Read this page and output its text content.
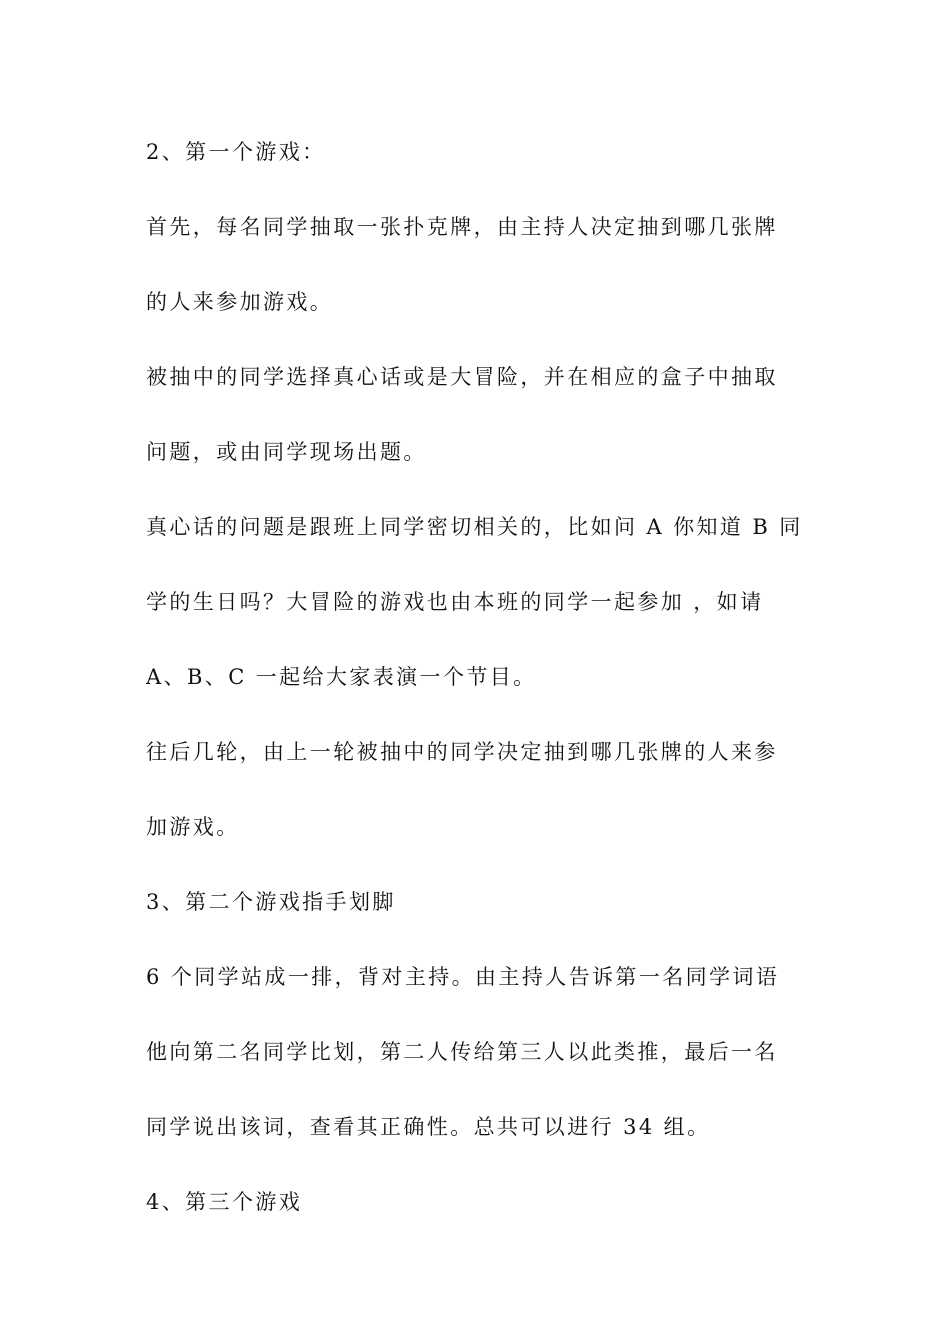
2、第一个游戏：
首先，每名同学抽取一张扑克牌，由主持人决定抽到哪几张牌
的人来参加游戏。
被抽中的同学选择真心话或是大冒险，并在相应的盒子中抽取
问题，或由同学现场出题。
真心话的问题是跟班上同学密切相关的，比如问 A 你知道 B 同
学的生日吗？大冒险的游戏也由本班的同学一起参加 ，如请
A、B、C 一起给大家表演一个节目。
往后几轮，由上一轮被抽中的同学决定抽到哪几张牌的人来参
加游戏。
3、第二个游戏指手划脚
6 个同学站成一排，背对主持。由主持人告诉第一名同学词语
他向第二名同学比划，第二人传给第三人以此类推，最后一名
同学说出该词，查看其正确性。总共可以进行 34 组。
4、第三个游戏
